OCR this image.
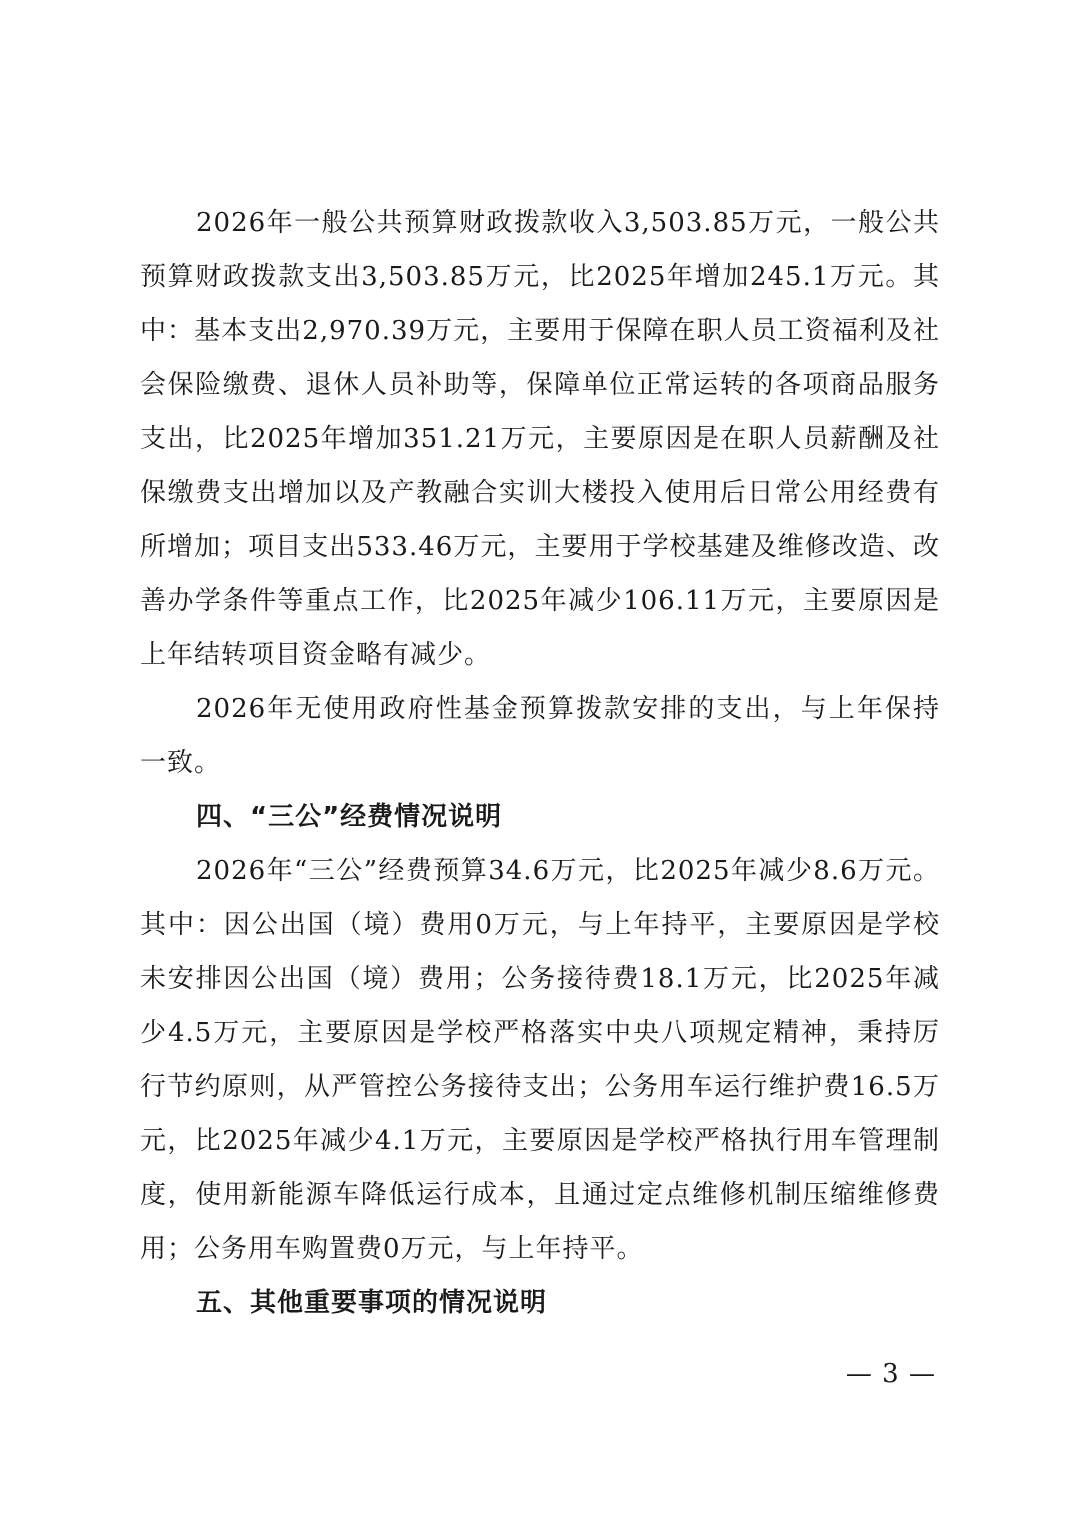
2026年一般公共预算财政拨款收入3,503.85万元，一般公共预算财政拨款支出3,503.85万元，比2025年增加245.1万元。其中：基本支出2,970.39万元，主要用于保障在职人员工资福利及社会保险缴费、退休人员补助等，保障单位正常运转的各项商品服务支出，比2025年增加351.21万元，主要原因是在职人员薪酬及社保缴费支出增加以及产教融合实训大楼投入使用后日常公用经费有所增加；项目支出533.46万元，主要用于学校基建及维修改造、改善办学条件等重点工作，比2025年减少106.11万元，主要原因是上年结转项目资金略有减少。

2026年无使用政府性基金预算拨款安排的支出，与上年保持一致。

四、“三公”经费情况说明

2026年“三公”经费预算34.6万元，比2025年减少8.6万元。其中：因公出国（境）费用0万元，与上年持平，主要原因是学校未安排因公出国（境）费用；公务接待费18.1万元，比2025年减少4.5万元，主要原因是学校严格落实中央八项规定精神，秉持厉行节约原则，从严管控公务接待支出；公务用车运行维护费16.5万元，比2025年减少4.1万元，主要原因是学校严格执行用车管理制度，使用新能源车降低运行成本，且通过定点维修机制压缩维修费用；公务用车购置费0万元，与上年持平。

五、其他重要事项的情况说明

— 3 —
